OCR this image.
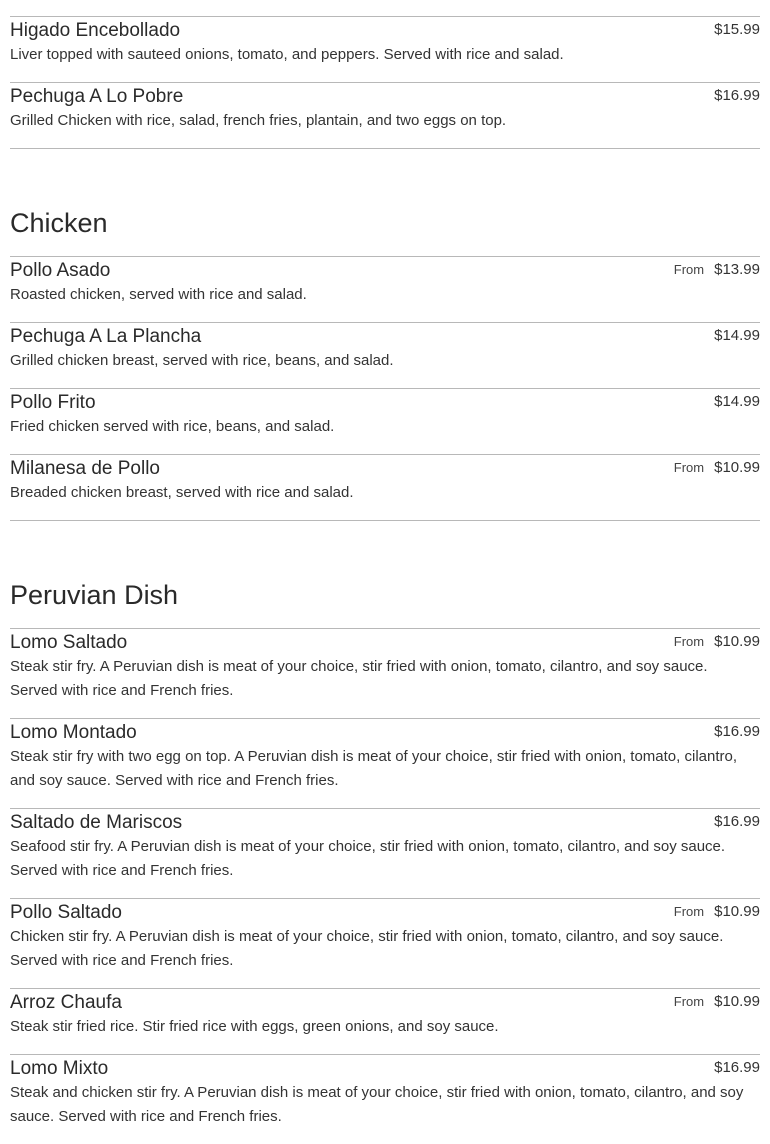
Higado Encebollado	$15.99
Liver topped with sauteed onions, tomato, and peppers. Served with rice and salad.
Pechuga A Lo Pobre	$16.99
Grilled Chicken with rice, salad, french fries, plantain, and two eggs on top.
Chicken
Pollo Asado	From $13.99
Roasted chicken, served with rice and salad.
Pechuga A La Plancha	$14.99
Grilled chicken breast, served with rice, beans, and salad.
Pollo Frito	$14.99
Fried chicken served with rice, beans, and salad.
Milanesa de Pollo	From $10.99
Breaded chicken breast, served with rice and salad.
Peruvian Dish
Lomo Saltado	From $10.99
Steak stir fry. A Peruvian dish is meat of your choice, stir fried with onion, tomato, cilantro, and soy sauce. Served with rice and French fries.
Lomo Montado	$16.99
Steak stir fry with two egg on top. A Peruvian dish is meat of your choice, stir fried with onion, tomato, cilantro, and soy sauce. Served with rice and French fries.
Saltado de Mariscos	$16.99
Seafood stir fry. A Peruvian dish is meat of your choice, stir fried with onion, tomato, cilantro, and soy sauce. Served with rice and French fries.
Pollo Saltado	From $10.99
Chicken stir fry. A Peruvian dish is meat of your choice, stir fried with onion, tomato, cilantro, and soy sauce. Served with rice and French fries.
Arroz Chaufa	From $10.99
Steak stir fried rice. Stir fried rice with eggs, green onions, and soy sauce.
Lomo Mixto	$16.99
Steak and chicken stir fry. A Peruvian dish is meat of your choice, stir fried with onion, tomato, cilantro, and soy sauce. Served with rice and French fries.
